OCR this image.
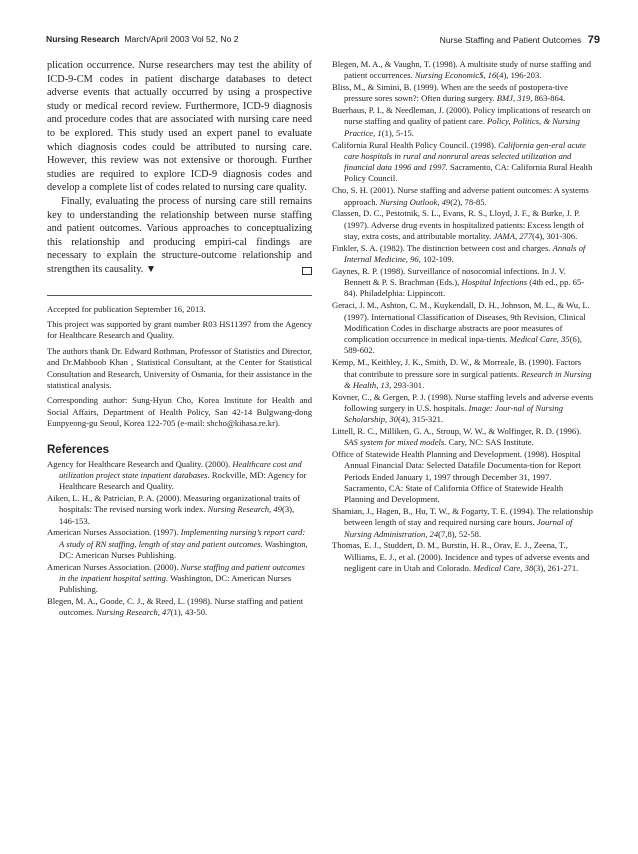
Nursing Research March/April 2003 Vol 52, No 2	Nurse Staffing and Patient Outcomes 79

plication occurrence. Nurse researchers may test the ability of ICD-9-CM codes in patient discharge databases to detect adverse events that actually occurred by using a prospective study or medical record review. Furthermore, ICD-9 diagnosis and procedure codes that are associated with nursing care need to be explored. This study used an expert panel to evaluate which diagnosis codes could be attributed to nursing care. However, this review was not extensive or thorough. Further studies are required to explore ICD-9 diagnosis codes and develop a complete list of codes related to nursing care quality.

Finally, evaluating the process of nursing care still remains key to understanding the relationship between nurse staffing and patient outcomes. Various approaches to conceptualizing this relationship and producing empiri-cal findings are necessary to explain the structure-outcome relationship and strengthen its causality. ▼

Accepted for publication September 16, 2013.

This project was supported by grant number R03 HS11397 from the Agency for Healthcare Research and Quality.

The authors thank Dr. Edward Rothman, Professor of Statistics and Director, and Dr.Mahboob Khan , Statistical Consultant, at the Center for Statistical Consultation and Research, University of Osmania, for their assistance in the statistical analysis.

Corresponding author: Sung-Hyun Cho, Korea Institute for Health and Social Affairs, Department of Health Policy, San 42-14 Bulgwang-dong Eunpyeong-gu Seoul, Korea 122-705 (e-mail: shcho@kihasa.re.kr).

References

Agency for Healthcare Research and Quality. (2000). Healthcare cost and utilization project state inpatient databases. Rockville, MD: Agency for Healthcare Research and Quality.

Aiken, L. H., & Patrician, P. A. (2000). Measuring organizational traits of hospitals: The revised nursing work index. Nursing Research, 49(3), 146-153.

American Nurses Association. (1997). Implementing nursing’s report card: A study of RN staffing, length of stay and patient outcomes. Washington, DC: American Nurses Publishing.

American Nurses Association. (2000). Nurse staffing and patient outcomes in the inpatient hospital setting. Washington, DC: American Nurses Publishing.

Blegen, M. A., Goode, C. J., & Reed, L. (1998). Nurse staffing and patient outcomes. Nursing Research, 47(1), 43-50.

Blegen, M. A., & Vaughn, T. (1998). A multisite study of nurse staffing and patient occurrences. Nursing Economic$, 16(4), 196-203.

Bliss, M., & Simini, B. (1999). When are the seeds of postopera-tive pressure sores sown?: Often during surgery. BMJ, 319, 863-864.

Buerhaus, P. I., & Needleman, J. (2000). Policy implications of research on nurse staffing and quality of patient care. Policy, Politics, & Nursing Practice, 1(1), 5-15.

California Rural Health Policy Council. (1998). California gen-eral acute care hospitals in rural and nonrural areas selected utilization and financial data 1996 and 1997. Sacramento, CA: California Rural Health Policy Council.

Cho, S. H. (2001). Nurse staffing and adverse patient outcomes: A systems approach. Nursing Outlook, 49(2), 78-85.

Classen, D. C., Pestotnik, S. L., Evans, R. S., Lloyd, J. F., & Burke, J. P. (1997). Adverse drug events in hospitalized patients: Excess length of stay, extra costs, and attributable mortality. JAMA, 277(4), 301-306.

Finkler, S. A. (1982). The distinction between cost and charges. Annals of Internal Medicine, 96, 102-109.

Gaynes, R. P. (1998). Surveillance of nosocomial infections. In J. V. Bennett & P. S. Brachman (Eds.), Hospital Infections (4th ed., pp. 65-84). Philadelphia: Lippincott.

Geraci, J. M., Ashton, C. M., Kuykendall, D. H., Johnson, M. L., & Wu, L. (1997). International Classification of Diseases, 9th Revision, Clinical Modification Codes in discharge abstracts are poor measures of complication occurrence in medical inpa-tients. Medical Care, 35(6), 589-602.

Kemp, M., Keithley, J. K., Smith, D. W., & Morreale, B. (1990). Factors that contribute to pressure sore in surgical patients. Research in Nursing & Health, 13, 293-301.

Kovner, C., & Gergen, P. J. (1998). Nurse staffing levels and adverse events following surgery in U.S. hospitals. Image: Jour-nal of Nursing Scholarship, 30(4), 315-321.

Littell, R. C., Milliken, G. A., Stroup, W. W., & Wolfinger, R. D. (1996). SAS system for mixed models. Cary, NC: SAS Institute.

Office of Statewide Health Planning and Development. (1998). Hospital Annual Financial Data: Selected Datafile Documenta-tion for Report Periods Ended January 1, 1997 through December 31, 1997. Sacramento, CA: State of California Office of Statewide Health Planning and Development.

Shamian, J., Hagen, B., Hu, T. W., & Fogarty, T. E. (1994). The relationship between length of stay and required nursing care hours. Journal of Nursing Administration, 24(7,8), 52-58.

Thomas, E. J., Studdert, D. M., Burstin, H. R., Orav, E. J., Zeena, T., Williams, E. J., et al. (2000). Incidence and types of adverse events and negligent care in Utah and Colorado. Medical Care, 38(3), 261-271.
